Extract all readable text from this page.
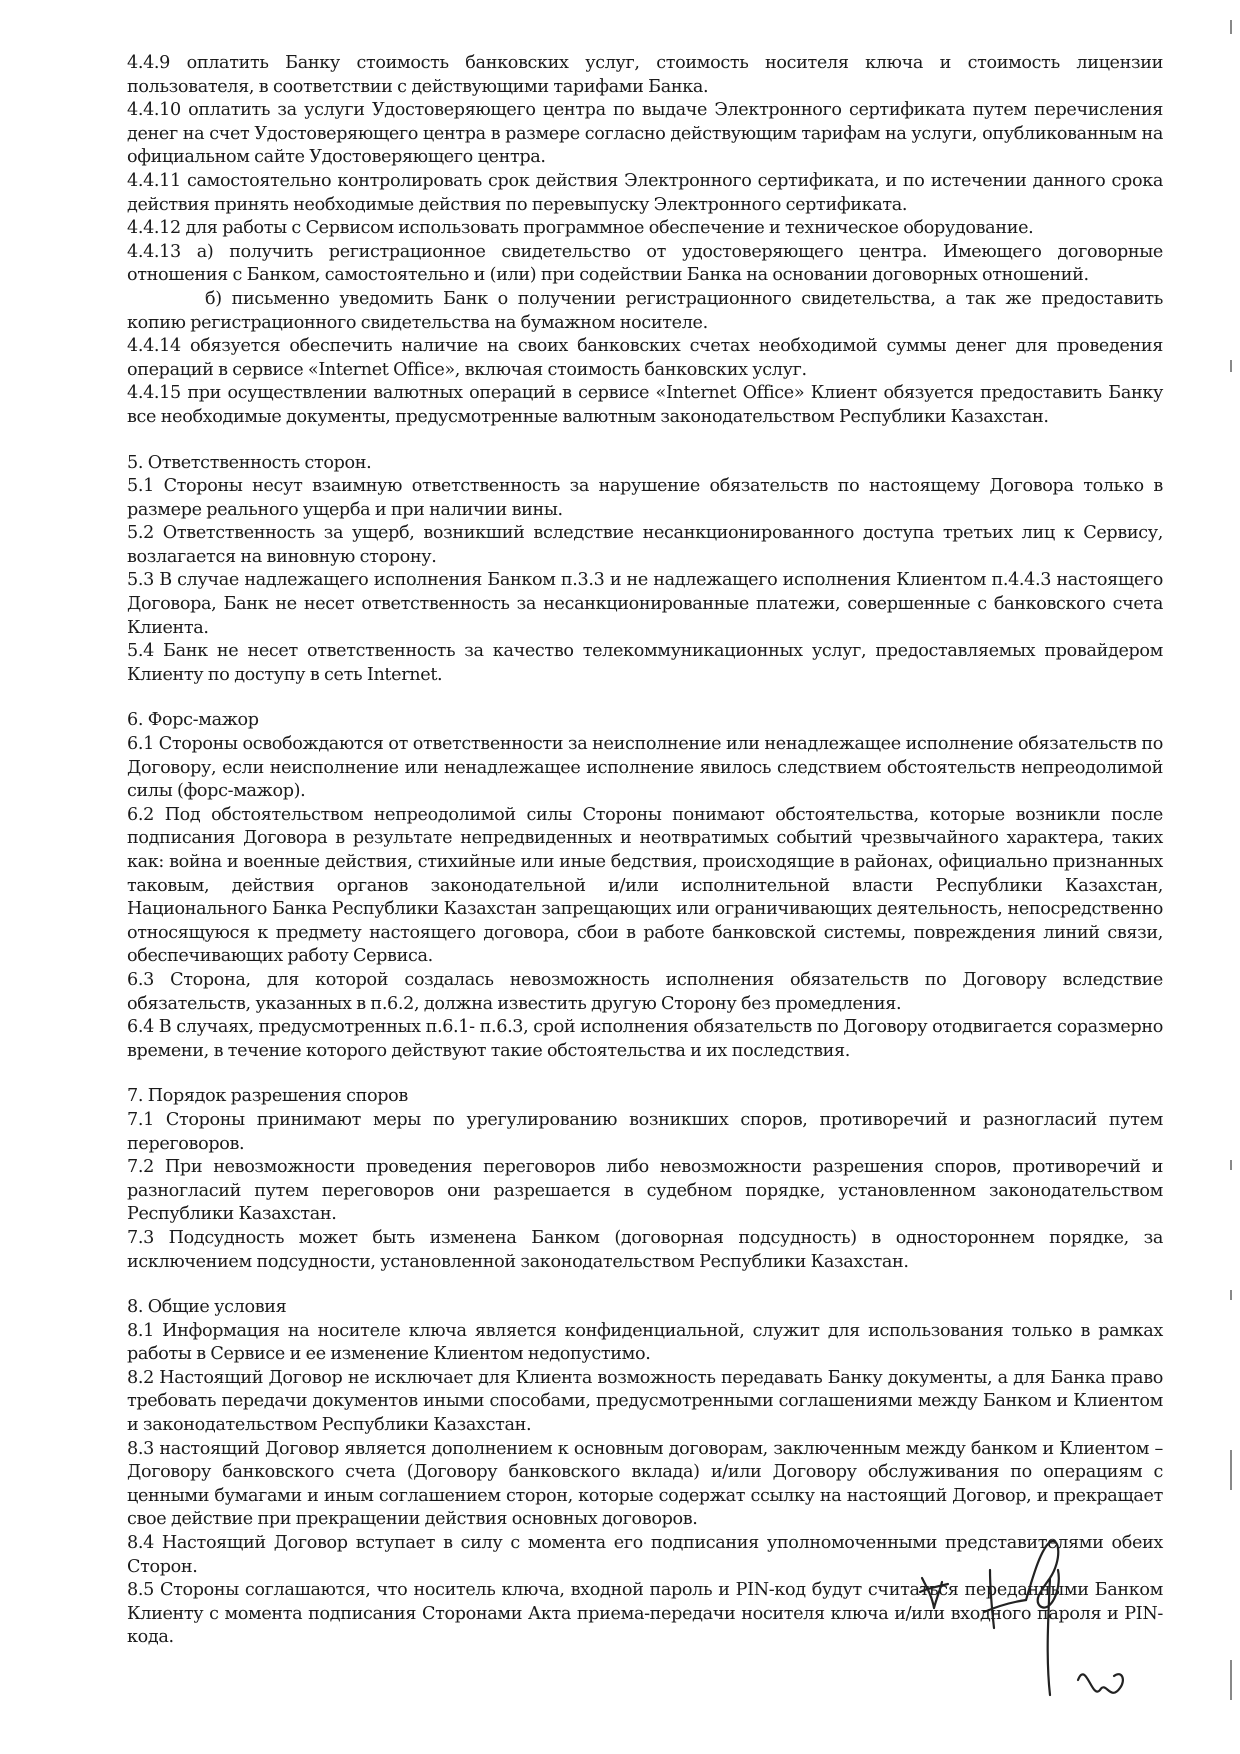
4.4.9 оплатить Банку стоимость банковских услуг, стоимость носителя ключа и стоимость лицензии пользователя, в соответствии с действующими тарифами Банка.

4.4.10 оплатить за услуги Удостоверяющего центра по выдаче Электронного сертификата путем перечисления денег на счет Удостоверяющего центра в размере согласно действующим тарифам на услуги, опубликованным на официальном сайте Удостоверяющего центра.

4.4.11 самостоятельно контролировать срок действия Электронного сертификата, и по истечении данного срока действия принять необходимые действия по перевыпуску Электронного сертификата.

4.4.12 для работы с Сервисом использовать программное обеспечение и техническое оборудование.

4.4.13 а) получить регистрационное свидетельство от удостоверяющего центра. Имеющего договорные отношения с Банком, самостоятельно и (или) при содействии Банка на основании договорных отношений.

б) письменно уведомить Банк о получении регистрационного свидетельства, а так же предоставить копию регистрационного свидетельства на бумажном носителе.

4.4.14 обязуется обеспечить наличие на своих банковских счетах необходимой суммы денег для проведения операций в сервисе «Internet Office», включая стоимость банковских услуг.

4.4.15 при осуществлении валютных операций в сервисе «Internet Office» Клиент обязуется предоставить Банку все необходимые документы, предусмотренные валютным законодательством Республики Казахстан.

5. Ответственность сторон.

5.1 Стороны несут взаимную ответственность за нарушение обязательств по настоящему Договора только в размере реального ущерба и при наличии вины.

5.2 Ответственность за ущерб, возникший вследствие несанкционированного доступа третьих лиц к Сервису, возлагается на виновную сторону.

5.3 В случае надлежащего исполнения Банком п.3.3 и не надлежащего исполнения Клиентом п.4.4.3 настоящего Договора, Банк не несет ответственность за несанкционированные платежи, совершенные с банковского счета Клиента.

5.4 Банк не несет ответственность за качество телекоммуникационных услуг, предоставляемых провайдером Клиенту по доступу в сеть Internet.

6. Форс-мажор

6.1 Стороны освобождаются от ответственности за неисполнение или ненадлежащее исполнение обязательств по Договору, если неисполнение или ненадлежащее исполнение явилось следствием обстоятельств непреодолимой силы (форс-мажор).

6.2 Под обстоятельством непреодолимой силы Стороны понимают обстоятельства, которые возникли после подписания Договора в результате непредвиденных и неотвратимых событий чрезвычайного характера, таких как: война и военные действия, стихийные или иные бедствия, происходящие в районах, официально признанных таковым, действия органов законодательной и/или исполнительной власти Республики Казахстан, Национального Банка Республики Казахстан запрещающих или ограничивающих деятельность, непосредственно относящуюся к предмету настоящего договора, сбои в работе банковской системы, повреждения линий связи, обеспечивающих работу Сервиса.

6.3 Сторона, для которой создалась невозможность исполнения обязательств по Договору вследствие обязательств, указанных в п.6.2, должна известить другую Сторону без промедления.

6.4 В случаях, предусмотренных п.6.1- п.6.3, срой исполнения обязательств по Договору отодвигается соразмерно времени, в течение которого действуют такие обстоятельства и их последствия.

7. Порядок разрешения споров

7.1 Стороны принимают меры по урегулированию возникших споров, противоречий и разногласий путем переговоров.

7.2 При невозможности проведения переговоров либо невозможности разрешения споров, противоречий и разногласий путем переговоров они разрешается в судебном порядке, установленном законодательством Республики Казахстан.

7.3 Подсудность может быть изменена Банком (договорная подсудность) в одностороннем порядке, за исключением подсудности, установленной законодательством Республики Казахстан.

8. Общие условия

8.1 Информация на носителе ключа является конфиденциальной, служит для использования только в рамках работы в Сервисе и ее изменение Клиентом недопустимо.

8.2 Настоящий Договор не исключает для Клиента возможность передавать Банку документы, а для Банка право требовать передачи документов иными способами, предусмотренными соглашениями между Банком и Клиентом и законодательством Республики Казахстан.

8.3 настоящий Договор является дополнением к основным договорам, заключенным между банком и Клиентом – Договору банковского счета (Договору банковского вклада) и/или Договору обслуживания по операциям с ценными бумагами и иным соглашением сторон, которые содержат ссылку на настоящий Договор, и прекращает свое действие при прекращении действия основных договоров.

8.4 Настоящий Договор вступает в силу с момента его подписания уполномоченными представителями обеих Сторон.

8.5 Стороны соглашаются, что носитель ключа, входной пароль и PIN-код будут считаться переданными Банком Клиенту с момента подписания Сторонами Акта приема-передачи носителя ключа и/или входного пароля и PIN-кода.
